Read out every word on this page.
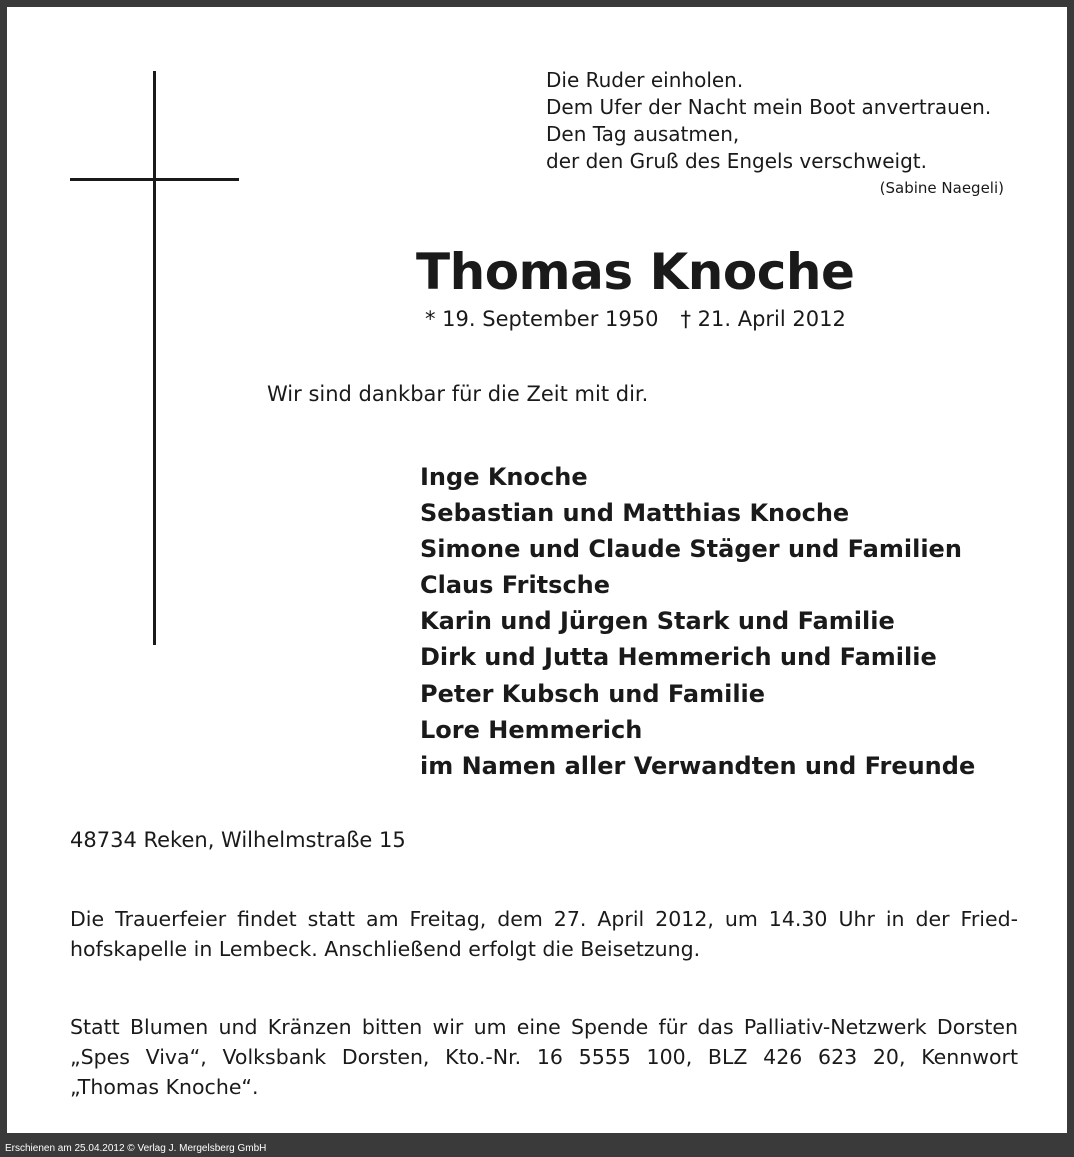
Die Ruder einholen.
Dem Ufer der Nacht mein Boot anvertrauen.
Den Tag ausatmen,
der den Gruß des Engels verschweigt.
(Sabine Naegeli)
Thomas Knoche
* 19. September 1950 † 21. April 2012
Wir sind dankbar für die Zeit mit dir.
Inge Knoche
Sebastian und Matthias Knoche
Simone und Claude Stäger und Familien
Claus Fritsche
Karin und Jürgen Stark und Familie
Dirk und Jutta Hemmerich und Familie
Peter Kubsch und Familie
Lore Hemmerich
im Namen aller Verwandten und Freunde
48734 Reken, Wilhelmstraße 15
Die Trauerfeier findet statt am Freitag, dem 27. April 2012, um 14.30 Uhr in der Fried-
hofskapelle in Lembeck. Anschließend erfolgt die Beisetzung.
Statt Blumen und Kränzen bitten wir um eine Spende für das Palliativ-Netzwerk Dorsten
„Spes Viva“, Volksbank Dorsten, Kto.-Nr. 16 5555 100, BLZ 426 623 20, Kennwort
„Thomas Knoche“.
Erschienen am 25.04.2012 © Verlag J. Mergelsberg GmbH
